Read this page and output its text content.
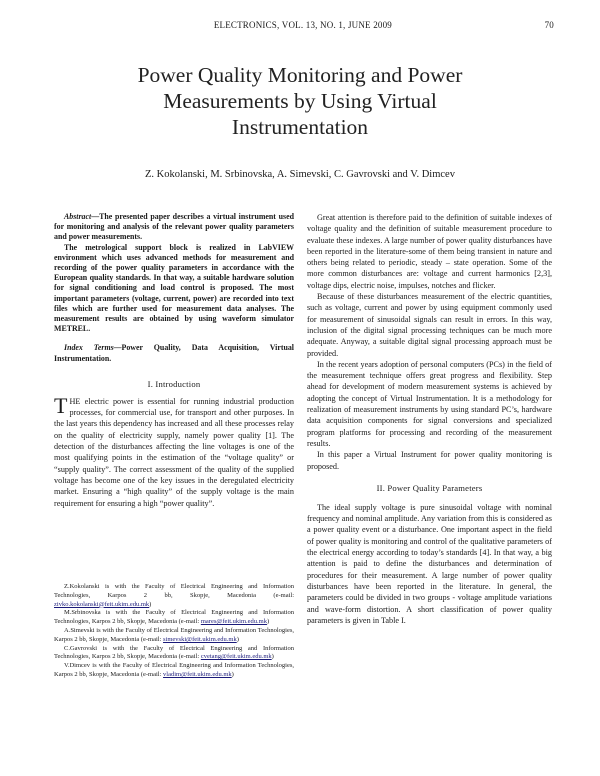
ELECTRONICS, VOL. 13, NO. 1, JUNE 2009	70
Power Quality Monitoring and Power
Measurements by Using Virtual
Instrumentation
Z. Kokolanski, M. Srbinovska, A. Simevski, C. Gavrovski and V. Dimcev

Abstract—The presented paper describes a virtual instrument used for monitoring and analysis of the relevant power quality parameters and power measurements.

The metrological support block is realized in LabVIEW environment which uses advanced methods for measurement and recording of the power quality parameters in accordance with the European quality standards. In that way, a suitable hardware solution for signal conditioning and load control is proposed. The most important parameters (voltage, current, power) are recorded into text files which are further used for measurement data analyses. The measurement results are obtained by using waveform simulator METREL.

Index Terms—Power Quality, Data Acquisition, Virtual Instrumentation.

I. Introduction

THE electric power is essential for running industrial production processes, for commercial use, for transport and other purposes. In the last years this dependency has increased and all these processes relay on the quality of electricity supply, namely power quality [1]. The detection of the disturbances affecting the line voltages is one of the most qualifying points in the estimation of the “voltage quality” or “supply quality”. The correct assessment of the quality of the supplied voltage has become one of the key issues in the deregulated electricity market. Ensuring a “high quality” of the supply voltage is the main requirement for ensuring a high “power quality”.

Z.Kokolanski is with the Faculty of Electrical Engineering and Information Technologies, Karpos 2 bb, Skopje, Macedonia (e-mail: zivko.kokolanski@feit.ukim.edu.mk)

M.Srbinovska is with the Faculty of Electrical Engineering and Information Technologies, Karpos 2 bb, Skopje, Macedonia (e-mail: mares@feit.ukim.edu.mk)

A.Simevski is with the Faculty of Electrical Engineering and Information Technologies, Karpos 2 bb, Skopje, Macedonia (e-mail: simevski@feit.ukim.edu.mk)

C.Gavrovski is with the Faculty of Electrical Engineering and Information Technologies, Karpos 2 bb, Skopje, Macedonia (e-mail: cvetang@feit.ukim.edu.mk)

V.Dimcev is with the Faculty of Electrical Engineering and Information Technologies, Karpos 2 bb, Skopje, Macedonia (e-mail: vladim@feit.ukim.edu.mk)

Great attention is therefore paid to the definition of suitable indexes of voltage quality and the definition of suitable measurement procedure to evaluate these indexes. A large number of power quality disturbances have been reported in the literature-some of them being transient in nature and others being related to periodic, steady – state operation. Some of the more common disturbances are: voltage and current harmonics [2,3], voltage dips, electric noise, impulses, notches and flicker.

Because of these disturbances measurement of the electric quantities, such as voltage, current and power by using equipment commonly used for measurement of sinusoidal signals can result in errors. In this way, inclusion of the digital signal processing techniques can be much more adequate. Anyway, a suitable digital signal processing approach must be provided.

In the recent years adoption of personal computers (PCs) in the field of the measurement technique offers great progress and flexibility. Step ahead for development of modern measurement systems is achieved by adopting the concept of Virtual Instrumentation. It is a methodology for realization of measurement instruments by using standard PC’s, hardware data acquisition components for signal conversions and specialized program platforms for processing and recording of the measurement results.

In this paper a Virtual Instrument for power quality monitoring is proposed.

II. Power Quality Parameters

The ideal supply voltage is pure sinusoidal voltage with nominal frequency and nominal amplitude. Any variation from this is considered as a power quality event or a disturbance. One important aspect in the field of power quality is monitoring and control of the qualitative parameters of the electrical energy according to today’s standards [4]. In that way, a big attention is paid to define the disturbances and determination of procedures for their measurement. A large number of power quality disturbances have been reported in the literature. In general, the parameters could be divided in two groups - voltage amplitude variations and wave-form distortion. A short classification of power quality parameters is given in Table I.
